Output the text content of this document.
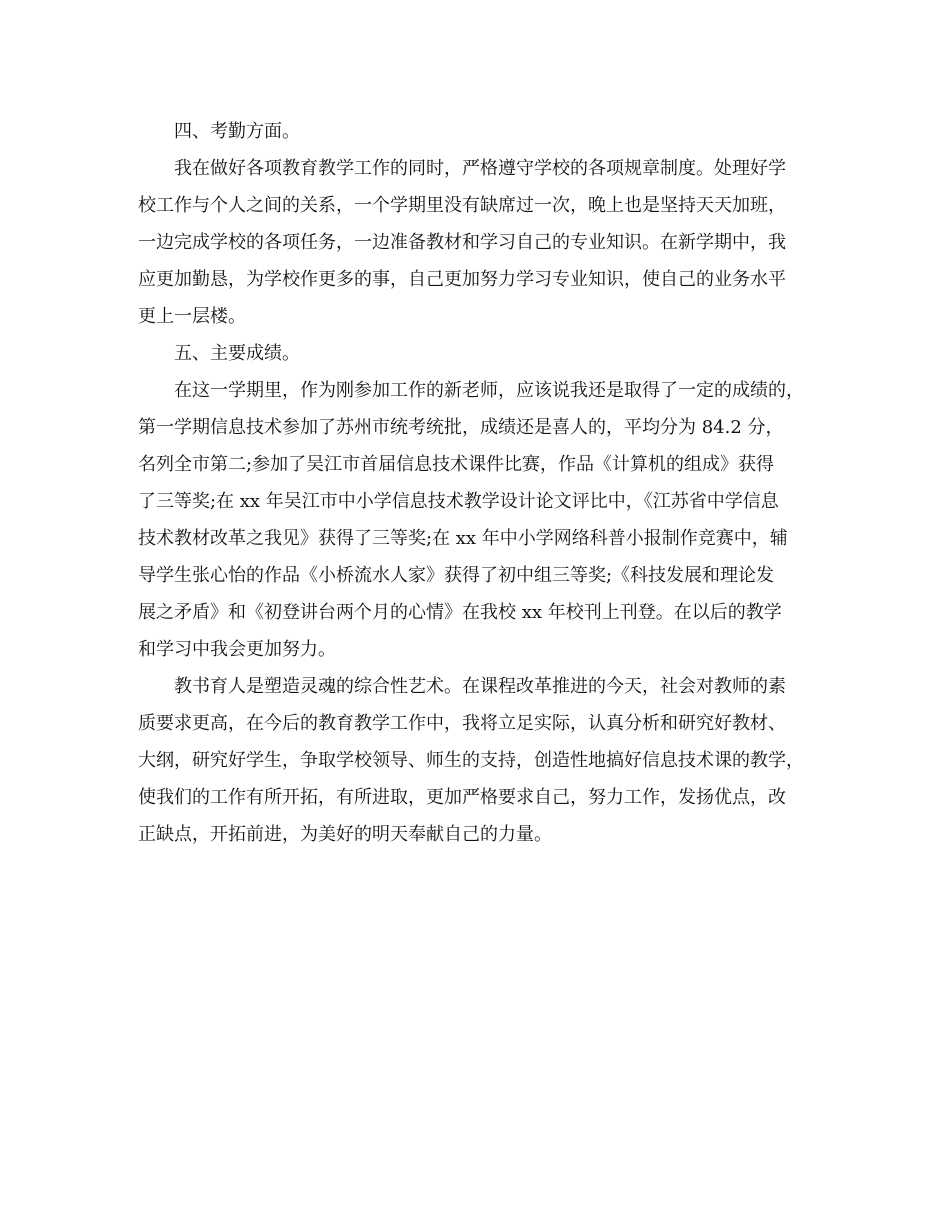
四、考勤方面。
我在做好各项教育教学工作的同时，严格遵守学校的各项规章制度。处理好学
校工作与个人之间的关系，一个学期里没有缺席过一次，晚上也是坚持天天加班，
一边完成学校的各项任务，一边准备教材和学习自己的专业知识。在新学期中，我
应更加勤恳，为学校作更多的事，自己更加努力学习专业知识，使自己的业务水平
更上一层楼。
五、主要成绩。
在这一学期里，作为刚参加工作的新老师，应该说我还是取得了一定的成绩的，
第一学期信息技术参加了苏州市统考统批，成绩还是喜人的，平均分为 84.2 分，
名列全市第二;参加了吴江市首届信息技术课件比赛，作品《计算机的组成》获得
了三等奖;在 xx 年吴江市中小学信息技术教学设计论文评比中，《江苏省中学信息
技术教材改革之我见》获得了三等奖;在 xx 年中小学网络科普小报制作竞赛中，辅
导学生张心怡的作品《小桥流水人家》获得了初中组三等奖;《科技发展和理论发
展之矛盾》和《初登讲台两个月的心情》在我校 xx 年校刊上刊登。在以后的教学
和学习中我会更加努力。
教书育人是塑造灵魂的综合性艺术。在课程改革推进的今天，社会对教师的素
质要求更高，在今后的教育教学工作中，我将立足实际，认真分析和研究好教材、
大纲，研究好学生，争取学校领导、师生的支持，创造性地搞好信息技术课的教学，
使我们的工作有所开拓，有所进取，更加严格要求自己，努力工作，发扬优点，改
正缺点，开拓前进，为美好的明天奉献自己的力量。
